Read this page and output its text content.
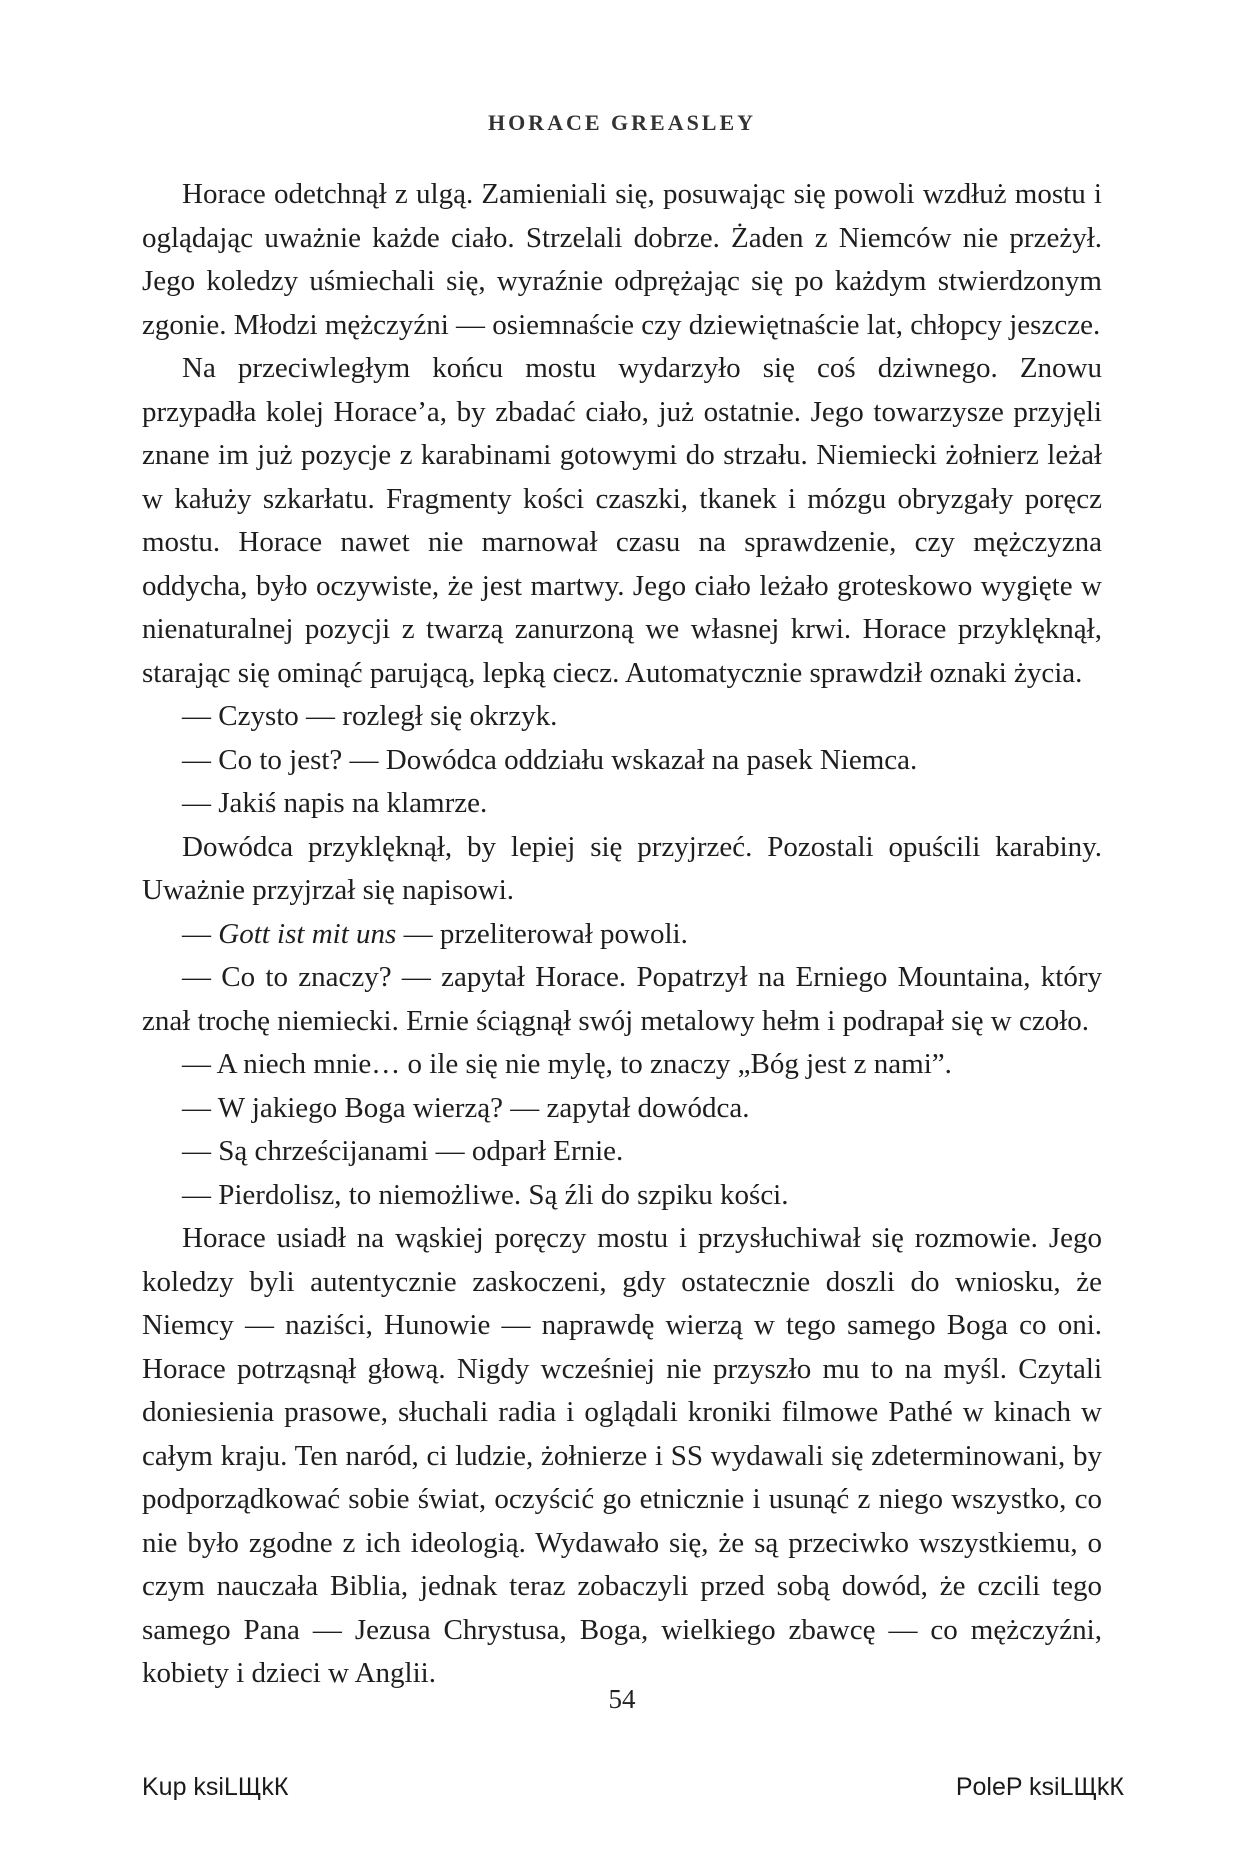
HORACE GREASLEY

Horace odetchnął z ulgą. Zamieniali się, posuwając się powoli wzdłuż mostu i oglądając uważnie każde ciało. Strzelali dobrze. Żaden z Niemców nie przeżył. Jego koledzy uśmiechali się, wyraźnie odprężając się po każdym stwierdzonym zgonie. Młodzi mężczyźni — osiemnaście czy dziewiętnaście lat, chłopcy jeszcze.

Na przeciwległym końcu mostu wydarzyło się coś dziwnego. Znowu przypadła kolej Horace’a, by zbadać ciało, już ostatnie. Jego towarzysze przyjęli znane im już pozycje z karabinami gotowymi do strzału. Niemiecki żołnierz leżał w kałuży szkarłatu. Fragmenty kości czaszki, tkanek i mózgu obryzgały poręcz mostu. Horace nawet nie marnował czasu na sprawdzenie, czy mężczyzna oddycha, było oczywiste, że jest martwy. Jego ciało leżało groteskowo wygięte w nienaturalnej pozycji z twarzą zanurzoną we własnej krwi. Horace przyklęknął, starając się ominąć parującą, lepką ciecz. Automatycznie sprawdził oznaki życia.

— Czysto — rozległ się okrzyk.

— Co to jest? — Dowódca oddziału wskazał na pasek Niemca.

— Jakiś napis na klamrze.

Dowódca przyklęknął, by lepiej się przyjrzeć. Pozostali opuścili karabiny. Uważnie przyjrzał się napisowi.

— Gott ist mit uns — przeliterował powoli.

— Co to znaczy? — zapytał Horace. Popatrzył na Erniego Mountaina, który znał trochę niemiecki. Ernie ściągnął swój metalowy hełm i podrapał się w czoło.

— A niech mnie… o ile się nie mylę, to znaczy „Bóg jest z nami”.

— W jakiego Boga wierzą? — zapytał dowódca.

— Są chrześcijanami — odparł Ernie.

— Pierdolisz, to niemożliwe. Są źli do szpiku kości.

Horace usiadł na wąskiej poręczy mostu i przysłuchiwał się rozmowie. Jego koledzy byli autentycznie zaskoczeni, gdy ostatecznie doszli do wniosku, że Niemcy — naziści, Hunowie — naprawdę wierzą w tego samego Boga co oni. Horace potrząsnął głową. Nigdy wcześniej nie przyszło mu to na myśl. Czytali doniesienia prasowe, słuchali radia i oglądali kroniki filmowe Pathé w kinach w całym kraju. Ten naród, ci ludzie, żołnierze i SS wydawali się zdeterminowani, by podporządkować sobie świat, oczyścić go etnicznie i usunąć z niego wszystko, co nie było zgodne z ich ideologią. Wydawało się, że są przeciwko wszystkiemu, o czym nauczała Biblia, jednak teraz zobaczyli przed sobą dowód, że czcili tego samego Pana — Jezusa Chrystusa, Boga, wielkiego zbawcę — co mężczyźni, kobiety i dzieci w Anglii.

54
Kup ksiLЩkК	PoleP ksiLЩkК
